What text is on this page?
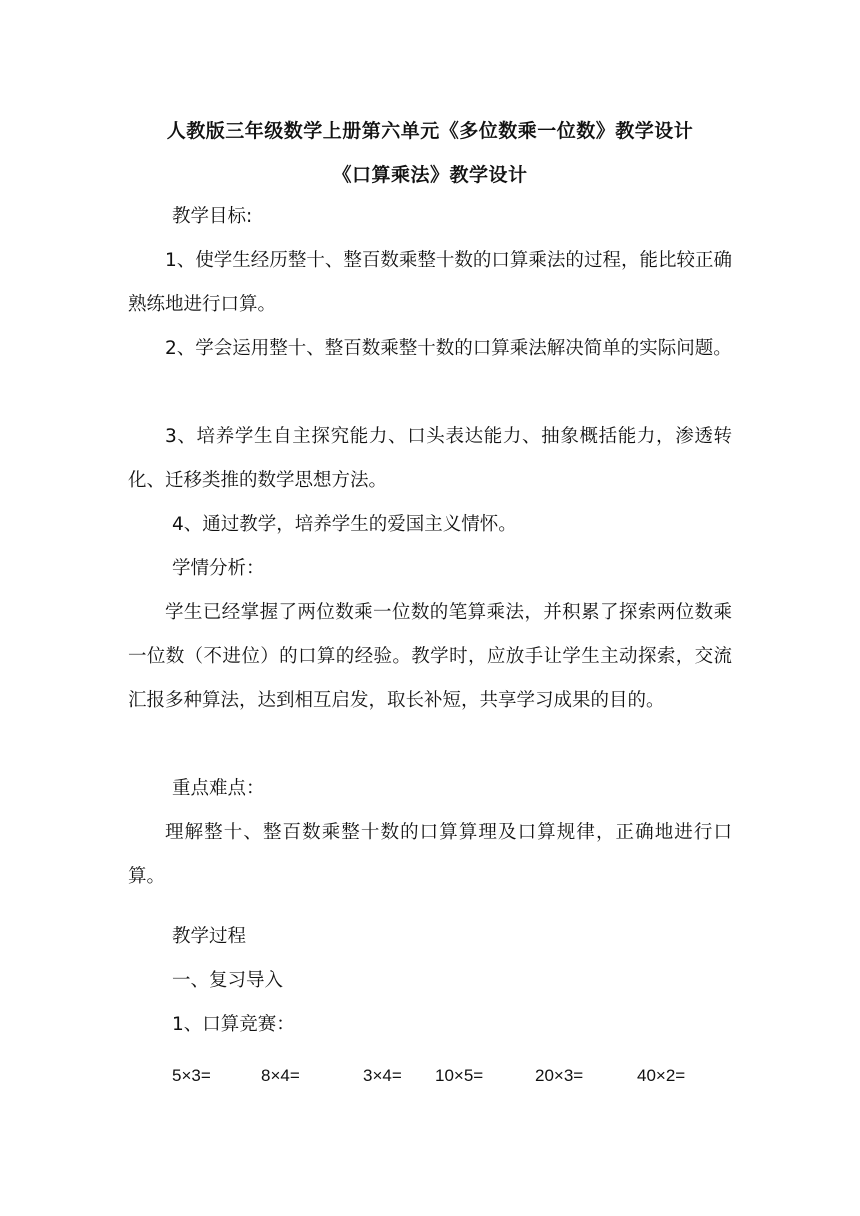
人教版三年级数学上册第六单元《多位数乘一位数》教学设计
《口算乘法》教学设计

教学目标:

1、使学生经历整十、整百数乘整十数的口算乘法的过程，能比较正确熟练地进行口算。

2、学会运用整十、整百数乘整十数的口算乘法解决简单的实际问题。

3、培养学生自主探究能力、口头表达能力、抽象概括能力，渗透转化、迁移类推的数学思想方法。

4、通过教学，培养学生的爱国主义情怀。

学情分析：

学生已经掌握了两位数乘一位数的笔算乘法，并积累了探索两位数乘一位数（不进位）的口算的经验。教学时，应放手让学生主动探索，交流汇报多种算法，达到相互启发，取长补短，共享学习成果的目的。

重点难点：

理解整十、整百数乘整十数的口算算理及口算规律，正确地进行口算。

教学过程

一、复习导入

1、口算竞赛：

5×3=	8×4=	3×4= 10×5=	20×3=	40×2=
